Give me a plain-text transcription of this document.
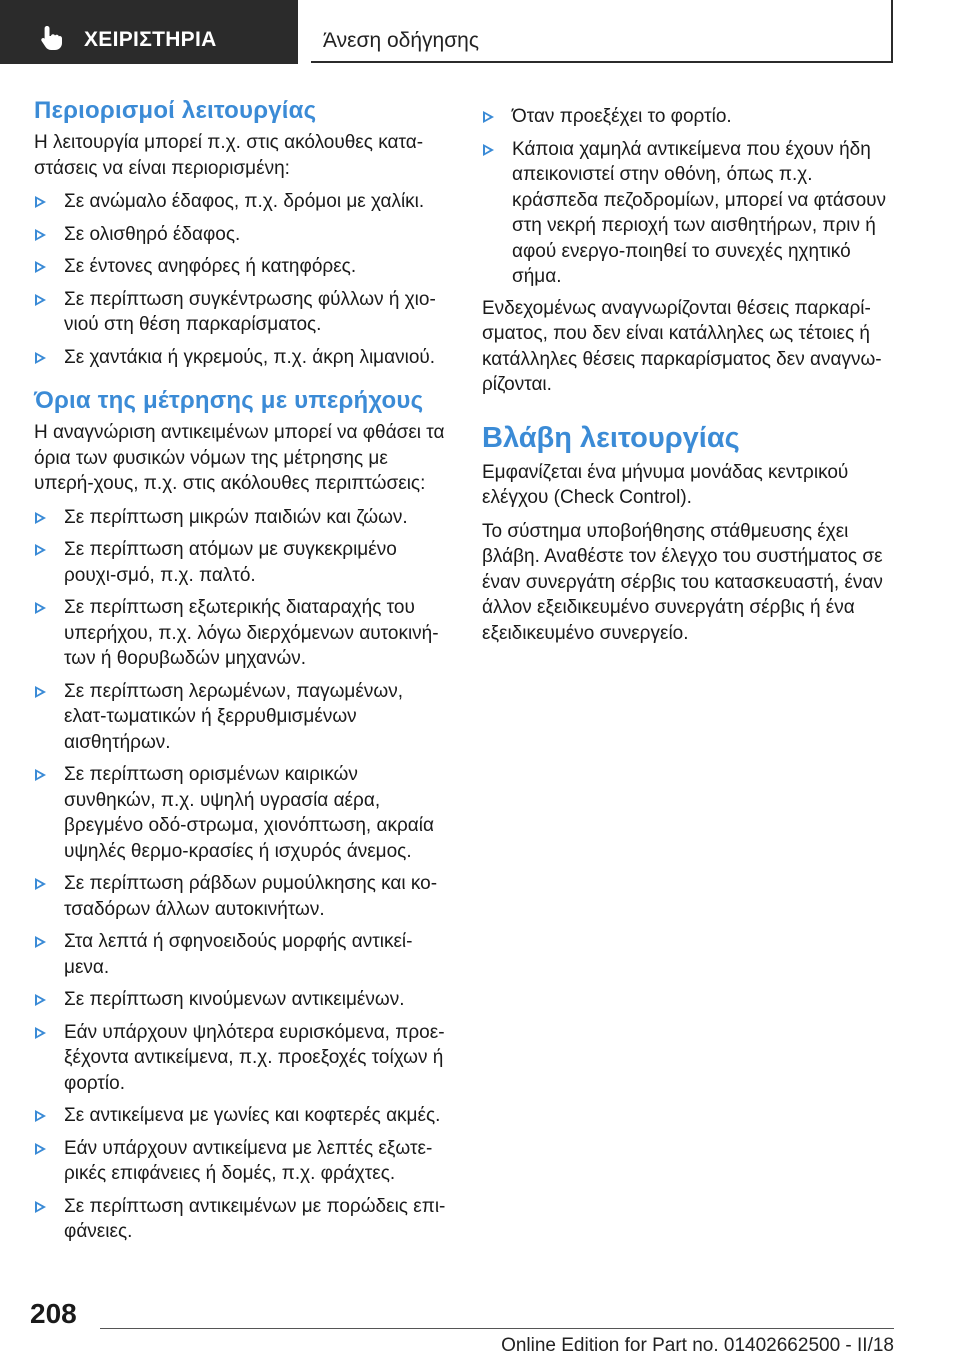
ΧΕΙΡΙΣΤΗΡΙΑ	Άνεση οδήγησης
Περιορισμοί λειτουργίας

Η λειτουργία μπορεί π.χ. στις ακόλουθες κατα-στάσεις να είναι περιορισμένη:

Σε ανώμαλο έδαφος, π.χ. δρόμοι με χαλίκι.
Σε ολισθηρό έδαφος.
Σε έντονες ανηφόρες ή κατηφόρες.
Σε περίπτωση συγκέντρωσης φύλλων ή χιο-νιού στη θέση παρκαρίσματος.
Σε χαντάκια ή γκρεμούς, π.χ. άκρη λιμανιού.
Όρια της μέτρησης με υπερήχους

Η αναγνώριση αντικειμένων μπορεί να φθάσει τα όρια των φυσικών νόμων της μέτρησης με υπερή-χους, π.χ. στις ακόλουθες περιπτώσεις:

Σε περίπτωση μικρών παιδιών και ζώων.
Σε περίπτωση ατόμων με συγκεκριμένο ρουχι-σμό, π.χ. παλτό.
Σε περίπτωση εξωτερικής διαταραχής του υπερήχου, π.χ. λόγω διερχόμενων αυτοκινή-των ή θορυβωδών μηχανών.
Σε περίπτωση λερωμένων, παγωμένων, ελατ-τωματικών ή ξερρυθμισμένων αισθητήρων.
Σε περίπτωση ορισμένων καιρικών συνθηκών, π.χ. υψηλή υγρασία αέρα, βρεγμένο οδό-στρωμα, χιονόπτωση, ακραία υψηλές θερμο-κρασίες ή ισχυρός άνεμος.
Σε περίπτωση ράβδων ρυμούλκησης και κο-τσαδόρων άλλων αυτοκινήτων.
Στα λεπτά ή σφηνοειδούς μορφής αντικεί-μενα.
Σε περίπτωση κινούμενων αντικειμένων.
Εάν υπάρχουν ψηλότερα ευρισκόμενα, προε-ξέχοντα αντικείμενα, π.χ. προεξοχές τοίχων ή φορτίο.
Σε αντικείμενα με γωνίες και κοφτερές ακμές.
Εάν υπάρχουν αντικείμενα με λεπτές εξωτε-ρικές επιφάνειες ή δομές, π.χ. φράχτες.
Σε περίπτωση αντικειμένων με πορώδεις επι-φάνειες.
Όταν προεξέχει το φορτίο.
Κάποια χαμηλά αντικείμενα που έχουν ήδη απεικονιστεί στην οθόνη, όπως π.χ. κράσπεδα πεζοδρομίων, μπορεί να φτάσουν στη νεκρή περιοχή των αισθητήρων, πριν ή αφού ενεργο-ποιηθεί το συνεχές ηχητικό σήμα.

Ενδεχομένως αναγνωρίζονται θέσεις παρκαρί-σματος, που δεν είναι κατάλληλες ως τέτοιες ή κατάλληλες θέσεις παρκαρίσματος δεν αναγνω-ρίζονται.

Βλάβη λειτουργίας

Εμφανίζεται ένα μήνυμα μονάδας κεντρικού ελέγχου (Check Control).

Το σύστημα υποβοήθησης στάθμευσης έχει βλάβη. Αναθέστε τον έλεγχο του συστήματος σε έναν συνεργάτη σέρβις του κατασκευαστή, έναν άλλον εξειδικευμένο συνεργάτη σέρβις ή ένα εξειδικευμένο συνεργείο.

208
Online Edition for Part no. 01402662500 - II/18
